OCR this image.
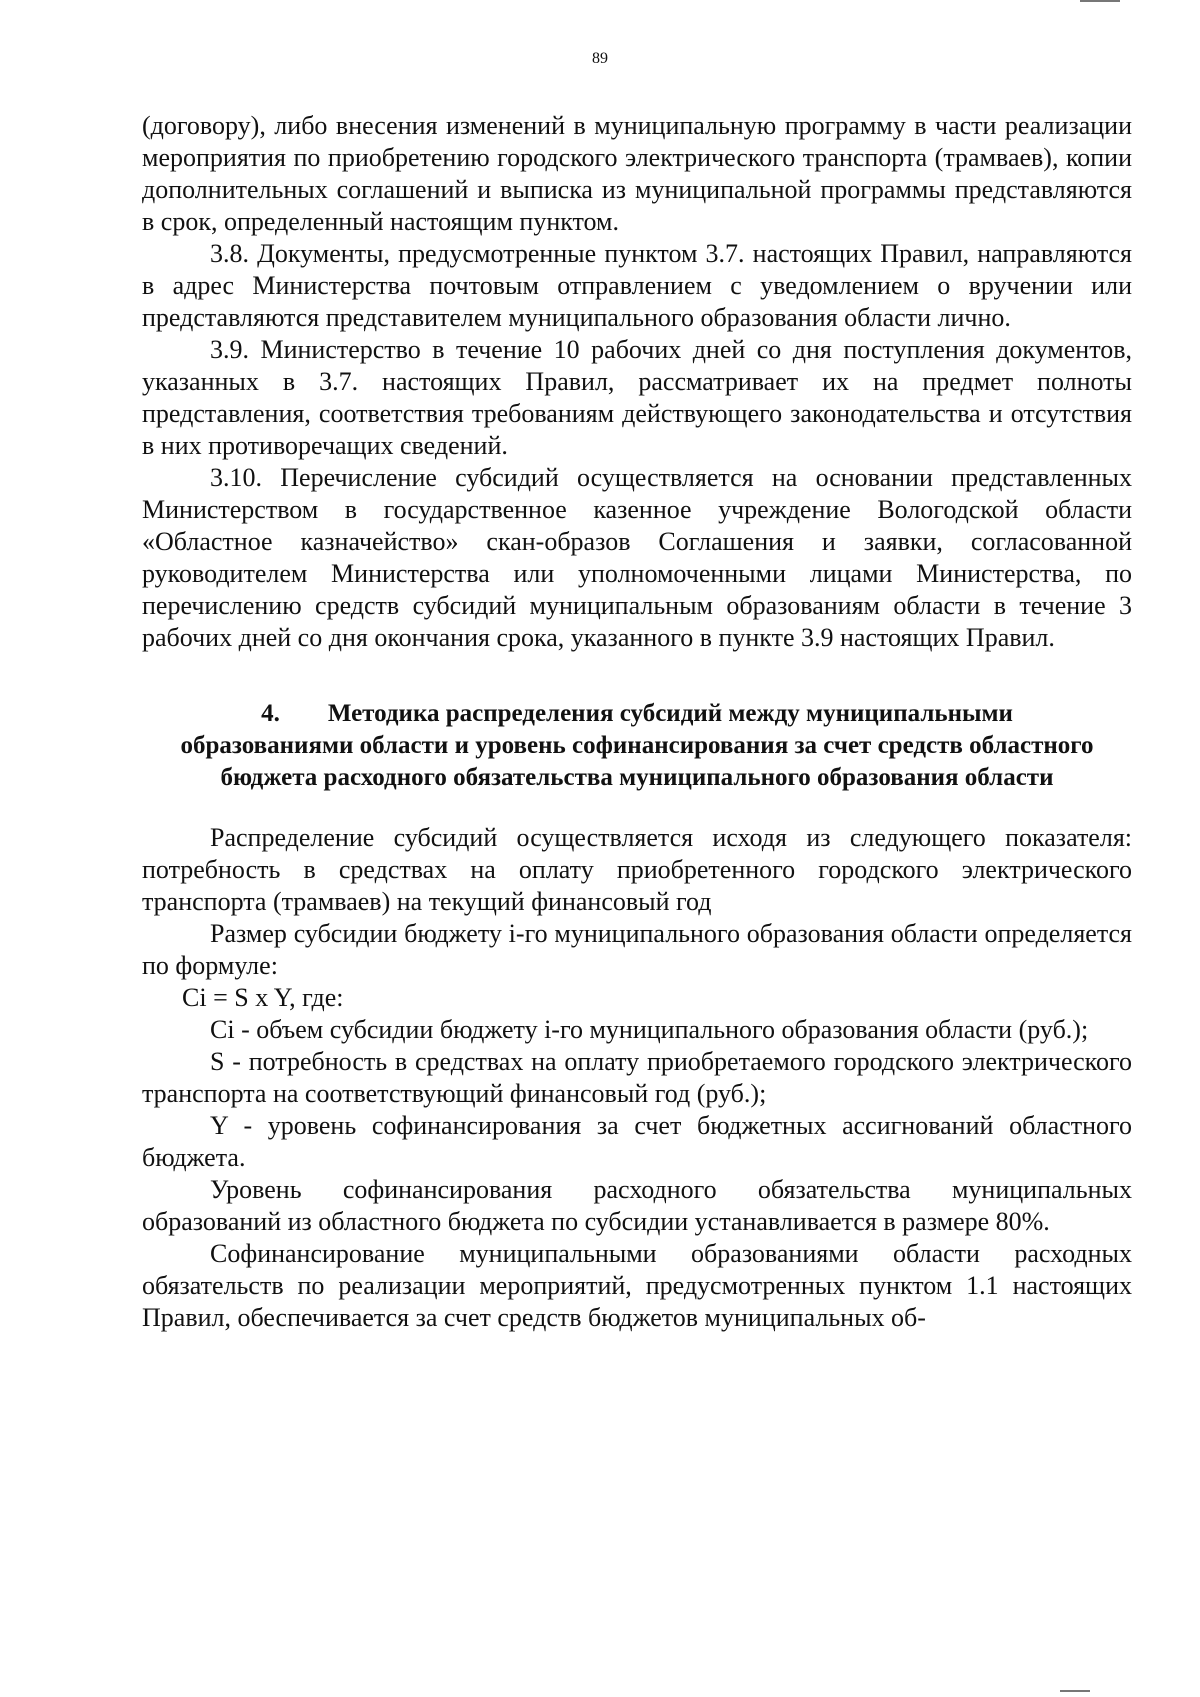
89

(договору), либо внесения изменений в муниципальную программу в части реализации мероприятия по приобретению городского электрического транспорта (трамваев), копии дополнительных соглашений и выписка из муниципальной программы представляются в срок, определенный настоящим пунктом.

3.8. Документы, предусмотренные пунктом 3.7. настоящих Правил, направляются в адрес Министерства почтовым отправлением с уведомлением о вручении или представляются представителем муниципального образования области лично.

3.9. Министерство в течение 10 рабочих дней со дня поступления документов, указанных в 3.7. настоящих Правил, рассматривает их на предмет полноты представления, соответствия требованиям действующего законодательства и отсутствия в них противоречащих сведений.

3.10. Перечисление субсидий осуществляется на основании представленных Министерством в государственное казенное учреждение Вологодской области «Областное казначейство» скан-образов Соглашения и заявки, согласованной руководителем Министерства или уполномоченными лицами Министерства, по перечислению средств субсидий муниципальным образованиям области в течение 3 рабочих дней со дня окончания срока, указанного в пункте 3.9 настоящих Правил.

4. Методика распределения субсидий между муниципальными образованиями области и уровень софинансирования за счет средств областного бюджета расходного обязательства муниципального образования области

Распределение субсидий осуществляется исходя из следующего показателя: потребность в средствах на оплату приобретенного городского электрического транспорта (трамваев) на текущий финансовый год

Размер субсидии бюджету i-го муниципального образования области определяется по формуле:

Ci = S x Y, где:

Ci - объем субсидии бюджету i-го муниципального образования области (руб.);

S - потребность в средствах на оплату приобретаемого городского электрического транспорта на соответствующий финансовый год (руб.);

Y - уровень софинансирования за счет бюджетных ассигнований областного бюджета.

Уровень софинансирования расходного обязательства муниципальных образований из областного бюджета по субсидии устанавливается в размере 80%.

Софинансирование муниципальными образованиями области расходных обязательств по реализации мероприятий, предусмотренных пунктом 1.1 настоящих Правил, обеспечивается за счет средств бюджетов муниципальных об-
